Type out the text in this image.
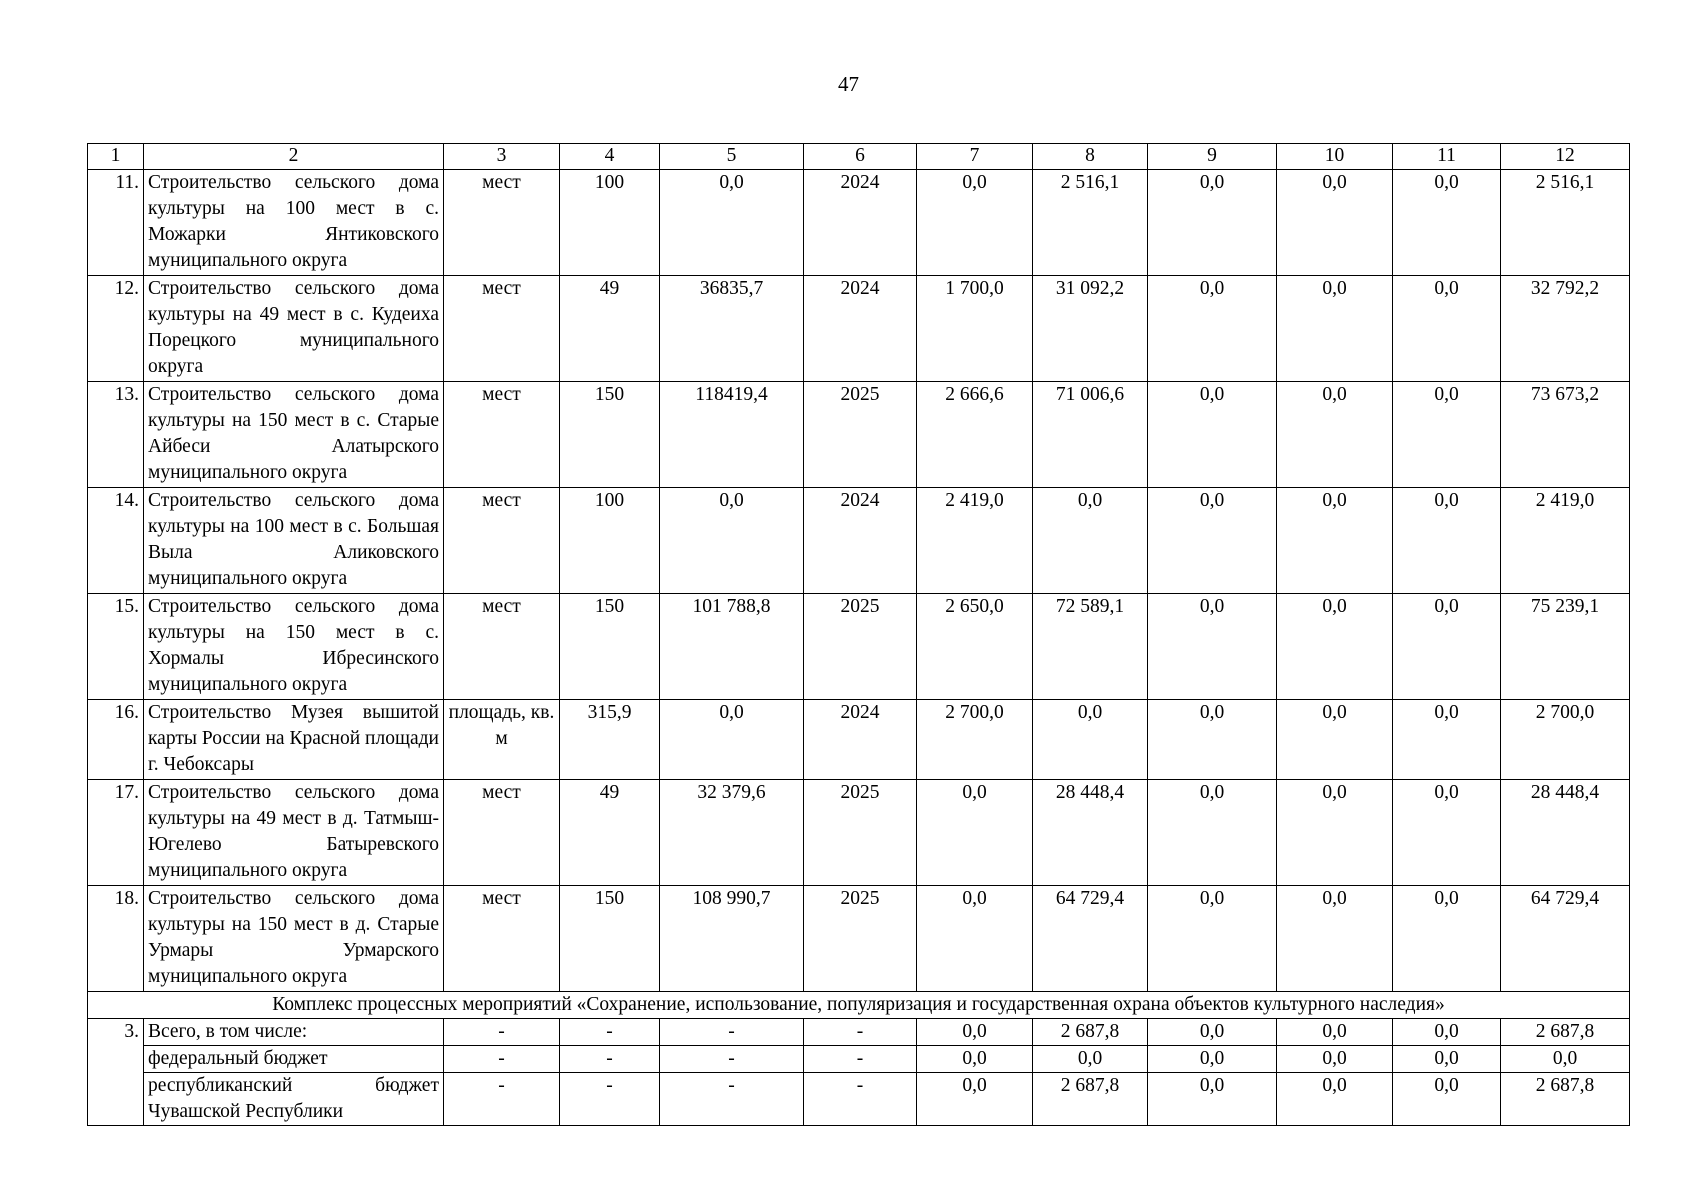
47
1	2	3	4	5	6	7	8	9	10	11	12
11.	Строительство сельского дома культуры на 100 мест в с. Можарки Янтиковского муниципального округа	мест	100	0,0	2024	0,0	2 516,1	0,0	0,0	0,0	2 516,1
12.	Строительство сельского дома культуры на 49 мест в с. Кудеиха Порецкого муниципального округа	мест	49	36835,7	2024	1 700,0	31 092,2	0,0	0,0	0,0	32 792,2
13.	Строительство сельского дома культуры на 150 мест в с. Старые Айбеси Алатырского муниципального округа	мест	150	118419,4	2025	2 666,6	71 006,6	0,0	0,0	0,0	73 673,2
14.	Строительство сельского дома культуры на 100 мест в с. Большая Выла Аликовского муниципального округа	мест	100	0,0	2024	2 419,0	0,0	0,0	0,0	0,0	2 419,0
15.	Строительство сельского дома культуры на 150 мест в с. Хормалы Ибресинского муниципального округа	мест	150	101 788,8	2025	2 650,0	72 589,1	0,0	0,0	0,0	75 239,1
16.	Строительство Музея вышитой карты России на Красной площади г. Чебоксары	площадь, кв. м	315,9	0,0	2024	2 700,0	0,0	0,0	0,0	0,0	2 700,0
17.	Строительство сельского дома культуры на 49 мест в д. Татмыш-Югелево Батыревского муниципального округа	мест	49	32 379,6	2025	0,0	28 448,4	0,0	0,0	0,0	28 448,4
18.	Строительство сельского дома культуры на 150 мест в д. Старые Урмары Урмарского муниципального округа	мест	150	108 990,7	2025	0,0	64 729,4	0,0	0,0	0,0	64 729,4
Комплекс процессных мероприятий «Сохранение, использование, популяризация и государственная охрана объектов культурного наследия»											
3.	Всего, в том числе:	-	-	-	-	0,0	2 687,8	0,0	0,0	0,0	2 687,8
	федеральный бюджет	-	-	-	-	0,0	0,0	0,0	0,0	0,0	0,0
	республиканский бюджет Чувашской Республики	-	-	-	-	0,0	2 687,8	0,0	0,0	0,0	2 687,8
